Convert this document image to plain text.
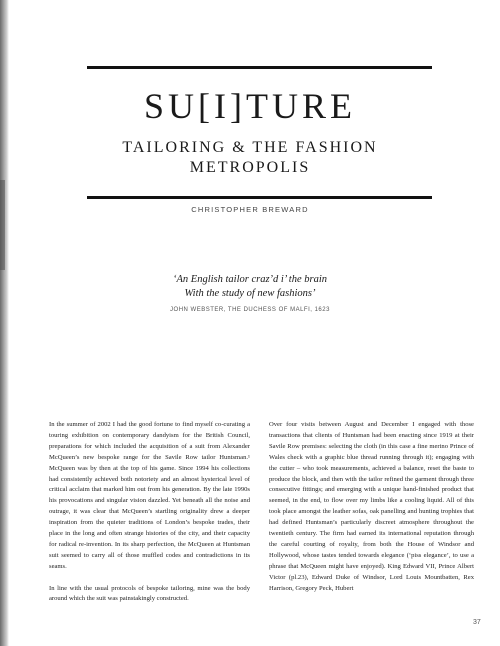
SU[I]TURE
TAILORING & THE FASHION
METROPOLIS
CHRISTOPHER BREWARD
‘An English tailor craz’d i’ the brain
With the study of new fashions’
JOHN WEBSTER, THE DUCHESS OF MALFI, 1623

In the summer of 2002 I had the good fortune to find myself co-curating a touring exhibition on contemporary dandyism for the British Council, preparations for which included the acquisition of a suit from Alexander McQueen’s new bespoke range for the Savile Row tailor Huntsman.¹ McQueen was by then at the top of his game. Since 1994 his collections had consistently achieved both notoriety and an almost hysterical level of critical acclaim that marked him out from his generation. By the late 1990s his provocations and singular vision dazzled. Yet beneath all the noise and outrage, it was clear that McQueen’s startling originality drew a deeper inspiration from the quieter traditions of London’s bespoke trades, their place in the long and often strange histories of the city, and their capacity for radical re-invention. In its sharp perfection, the McQueen at Huntsman suit seemed to carry all of those muffled codes and contradictions in its seams.

In line with the usual protocols of bespoke tailoring, mine was the body around which the suit was painstakingly constructed.

Over four visits between August and December I engaged with those transactions that clients of Huntsman had been enacting since 1919 at their Savile Row premises: selecting the cloth (in this case a fine merino Prince of Wales check with a graphic blue thread running through it); engaging with the cutter – who took measurements, achieved a balance, reset the baste to produce the block, and then with the tailor refined the garment through three consecutive fittings; and emerging with a unique hand-finished product that seemed, in the end, to flow over my limbs like a cooling liquid. All of this took place amongst the leather sofas, oak panelling and hunting trophies that had defined Huntsman’s particularly discreet atmosphere throughout the twentieth century. The firm had earned its international reputation through the careful courting of royalty, from both the House of Windsor and Hollywood, whose tastes tended towards elegance (‘piss elegance’, to use a phrase that McQueen might have enjoyed). King Edward VII, Prince Albert Victor (pl.23), Edward Duke of Windsor, Lord Louis Mountbatten, Rex Harrison, Gregory Peck, Hubert

37
